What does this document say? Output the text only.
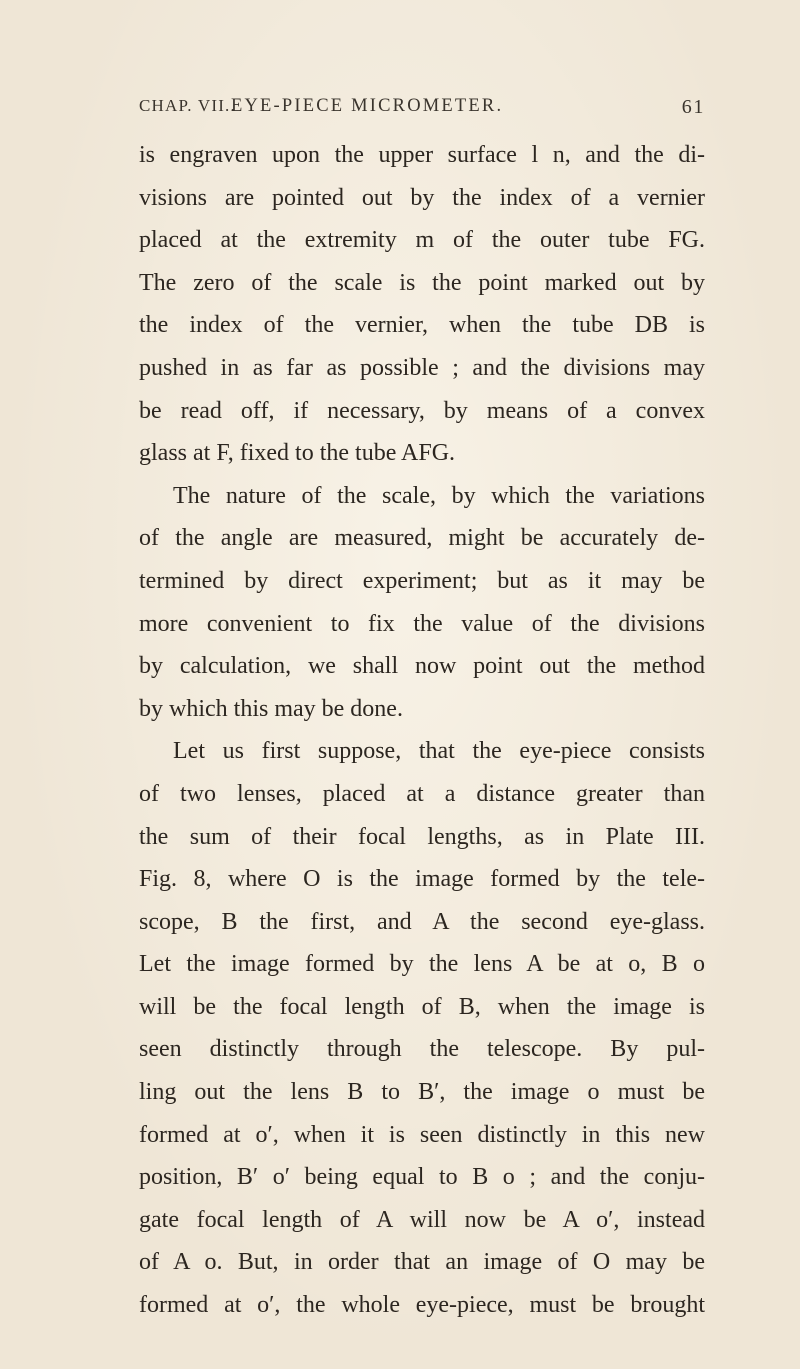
CHAP. VII..
EYE-PIECE MICROMETER.	61
is engraven upon the upper surface l n, and the di-
visions are pointed out by the index of a vernier
placed at the extremity m of the outer tube FG.
The zero of the scale is the point marked out by
the index of the vernier, when the tube DB is
pushed in as far as possible ; and the divisions may
be read off, if necessary, by means of a convex
glass at F, fixed to the tube AFG.
The nature of the scale, by which the variations
of the angle are measured, might be accurately de-
termined by direct experiment; but as it may be
more convenient to fix the value of the divisions
by calculation, we shall now point out the method
by which this may be done.
Let us first suppose, that the eye-piece consists
of two lenses, placed at a distance greater than
the sum of their focal lengths, as in Plate III.
Fig. 8, where O is the image formed by the tele-
scope, B the first, and A the second eye-glass.
Let the image formed by the lens A be at o, B o
will be the focal length of B, when the image is
seen distinctly through the telescope. By pul-
ling out the lens B to B′, the image o must be
formed at o′, when it is seen distinctly in this new
position, B′ o′ being equal to B o ; and the conju-
gate focal length of A will now be A o′, instead
of A o. But, in order that an image of O may be
formed at o′, the whole eye-piece, must be brought
